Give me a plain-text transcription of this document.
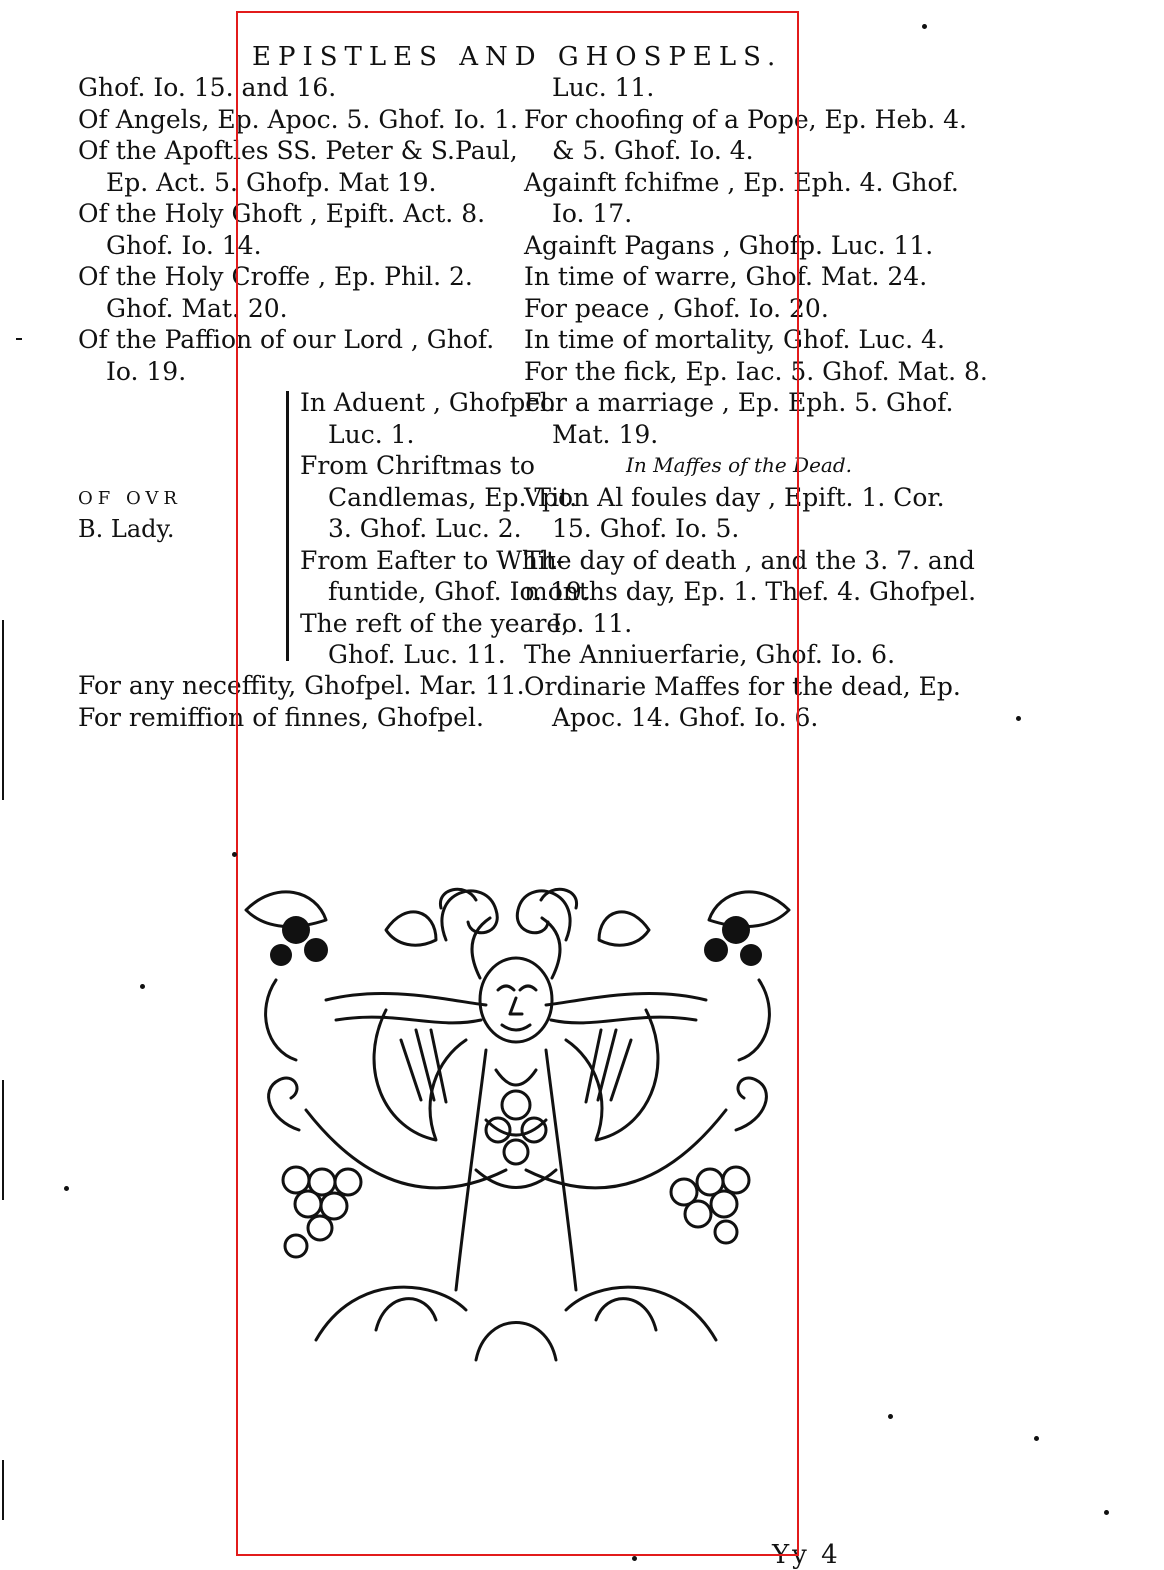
EPISTLES AND GHOSPELS.
Ghof. Io. 15. and 16.
Of Angels, Ep. Apoc. 5. Ghof. Io. 1.
Of the Apoftles SS. Peter & S.Paul,
Ep. Act. 5. Ghofp. Mat 19.
Of the Holy Ghoft , Epift. Act. 8.
Ghof. Io. 14.
Of the Holy Croffe , Ep. Phil. 2.
Ghof. Mat. 20.
Of the Paffion of our Lord , Ghof.
Io. 19.
OF OVR
B. Lady.
In Aduent , Ghofpel.
Luc. 1.
From Chriftmas to
Candlemas, Ep. Tit.
3. Ghof. Luc. 2.
From Eafter to Whit-
funtide, Ghof. Io. 19.
The reft of the yeare,
Ghof. Luc. 11.
For any neceffity, Ghofpel. Mar. 11.
For remiffion of finnes, Ghofpel.
Luc. 11.
For choofing of a Pope, Ep. Heb. 4.
& 5. Ghof. Io. 4.
Againft fchifme , Ep. Eph. 4. Ghof.
Io. 17.
Againft Pagans , Ghofp. Luc. 11.
In time of warre, Ghof. Mat. 24.
For peace , Ghof. Io. 20.
In time of mortality, Ghof. Luc. 4.
For the fick, Ep. Iac. 5. Ghof. Mat. 8.
For a marriage , Ep. Eph. 5. Ghof.
Mat. 19.
In Maffes of the Dead.
Vpon Al foules day , Epift. 1. Cor.
15. Ghof. Io. 5.
The day of death , and the 3. 7. and
months day, Ep. 1. Thef. 4. Ghofpel.
Io. 11.
The Anniuerfarie, Ghof. Io. 6.
Ordinarie Maffes for the dead, Ep.
Apoc. 14. Ghof. Io. 6.
Yy 4
